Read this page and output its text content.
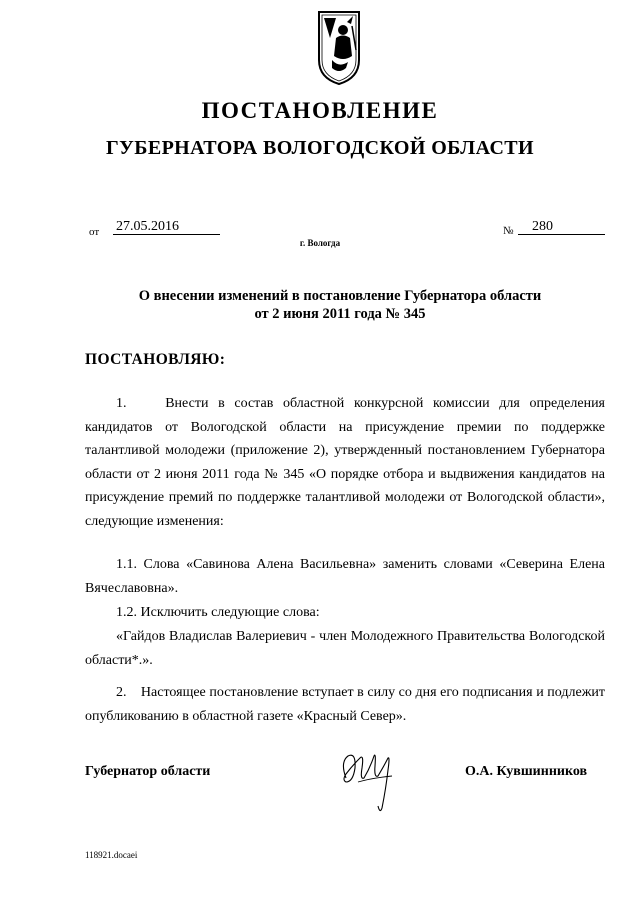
ПОСТАНОВЛЕНИЕ
ГУБЕРНАТОРА ВОЛОГОДСКОЙ ОБЛАСТИ
от 27.05.2016	№	280
г. Вологда
О внесении изменений в постановление Губернатора области
от 2 июня 2011 года № 345
ПОСТАНОВЛЯЮ:
1.    Внести в состав областной конкурсной комиссии для определения кандидатов от Вологодской области на присуждение премии по поддержке талантливой молодежи (приложение 2), утвержденный постановлением Губернатора области от 2 июня 2011 года № 345 «О порядке отбора и выдвижения кандидатов на присуждение премий по поддержке талантливой молодежи от Вологодской области», следующие изменения:
1.1. Слова «Савинова Алена Васильевна» заменить словами «Северина Елена Вячеславовна».
1.2. Исключить следующие слова:
«Гайдов Владислав Валериевич - член Молодежного Правительства Вологодской области*.».
2.    Настоящее постановление вступает в силу со дня его подписания и подлежит опубликованию в областной газете «Красный Север».
Губернатор области	О.А. Кувшинников
118921.docaei
